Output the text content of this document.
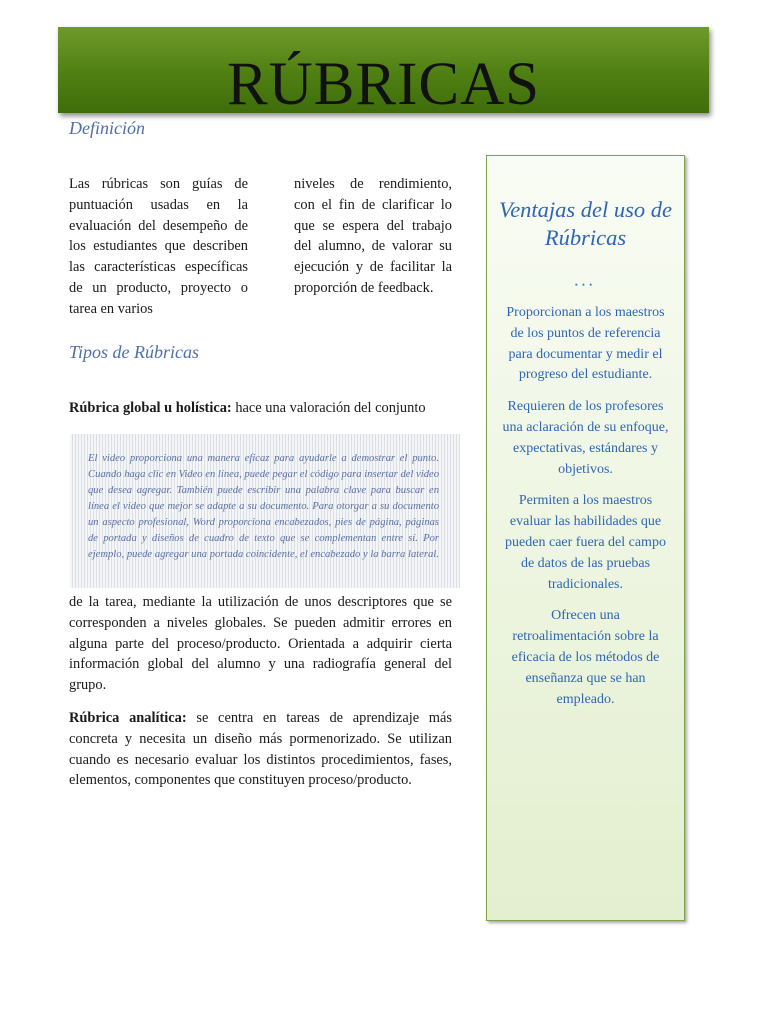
RÚBRICAS
Definición
Las rúbricas son guías de puntuación usadas en la evaluación del desempeño de los estudiantes que describen las características específicas de un producto, proyecto o tarea en varios
niveles de rendimiento, con el fin de clarificar lo que se espera del trabajo del alumno, de valorar su ejecución y de facilitar la proporción de feedback.
Tipos de Rúbricas
Rúbrica global u holística: hace una valoración del conjunto

El video proporciona una manera eficaz para ayudarle a demostrar el punto. Cuando haga clic en Video en línea, puede pegar el código para insertar del video que desea agregar. También puede escribir una palabra clave para buscar en línea el video que mejor se adapte a su documento. Para otorgar a su documento un aspecto profesional, Word proporciona encabezados, pies de página, páginas de portada y diseños de cuadro de texto que se complementan entre sí. Por ejemplo, puede agregar una portada coincidente, el encabezado y la barra lateral.

de la tarea, mediante la utilización de unos descriptores que se corresponden a niveles globales. Se pueden admitir errores en alguna parte del proceso/producto. Orientada a adquirir cierta información global del alumno y una radiografía general del grupo.
Rúbrica analítica: se centra en tareas de aprendizaje más concreta y necesita un diseño más pormenorizado. Se utilizan cuando es necesario evaluar los distintos procedimientos, fases, elementos, componentes que constituyen proceso/producto.
Ventajas del uso de Rúbricas
•••

Proporcionan a los maestros de los puntos de referencia para documentar y medir el progreso del estudiante.

Requieren de los profesores una aclaración de su enfoque, expectativas, estándares y objetivos.

Permiten a los maestros evaluar las habilidades que pueden caer fuera del campo de datos de las pruebas tradicionales.

Ofrecen una retroalimentación sobre la eficacia de los métodos de enseñanza que se han empleado.
